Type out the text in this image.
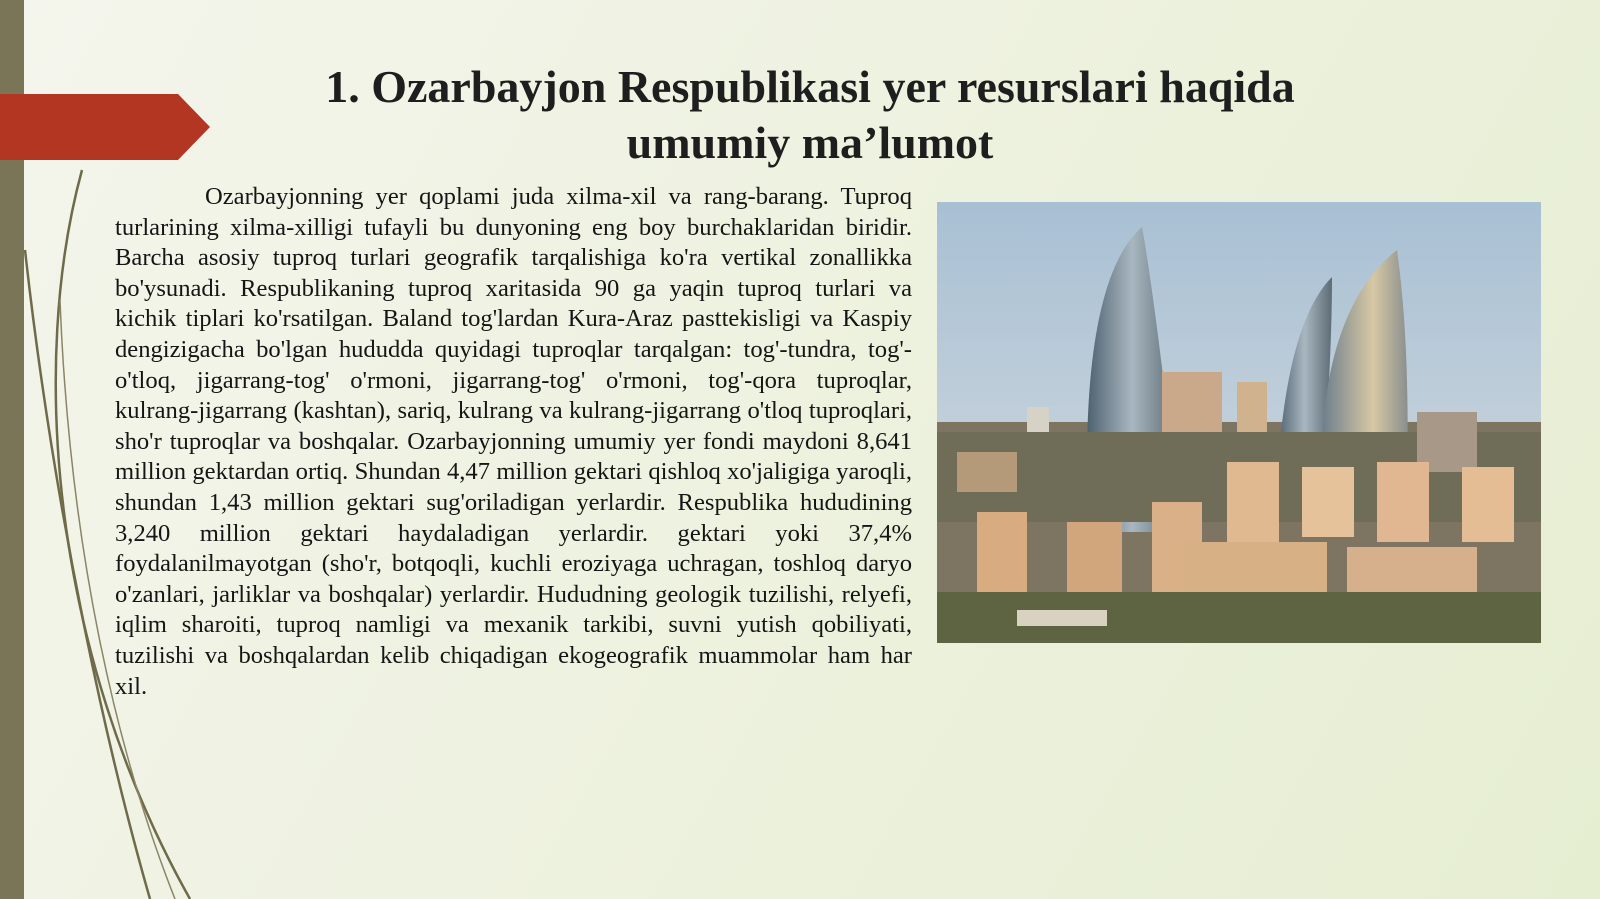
1. Ozarbayjon Respublikasi yer resurslari haqida
umumiy ma’lumot

Ozarbayjonning yer qoplami juda xilma-xil va rang-barang. Tuproq turlarining xilma-xilligi tufayli bu dunyoning eng boy burchaklaridan biridir. Barcha asosiy tuproq turlari geografik tarqalishiga ko'ra vertikal zonallikka bo'ysunadi. Respublikaning tuproq xaritasida 90 ga yaqin tuproq turlari va kichik tiplari ko'rsatilgan. Baland tog'lardan Kura-Araz pasttekisligi va Kaspiy dengizigacha bo'lgan hududda quyidagi tuproqlar tarqalgan: tog'-tundra, tog'-o'tloq, jigarrang-tog' o'rmoni, jigarrang-tog' o'rmoni, tog'-qora tuproqlar, kulrang-jigarrang (kashtan), sariq, kulrang va kulrang-jigarrang o'tloq tuproqlari, sho'r tuproqlar va boshqalar. Ozarbayjonning umumiy yer fondi maydoni 8,641 million gektardan ortiq. Shundan 4,47 million gektari qishloq xo'jaligiga yaroqli, shundan 1,43 million gektari sug'oriladigan yerlardir. Respublika hududining 3,240 million gektari haydaladigan yerlardir. gektari yoki 37,4% foydalanilmayotgan (sho'r, botqoqli, kuchli eroziyaga uchragan, toshloq daryo o'zanlari, jarliklar va boshqalar) yerlardir. Hududning geologik tuzilishi, relyefi, iqlim sharoiti, tuproq namligi va mexanik tarkibi, suvni yutish qobiliyati, tuzilishi va boshqalardan kelib chiqadigan ekogeografik muammolar ham har xil.
